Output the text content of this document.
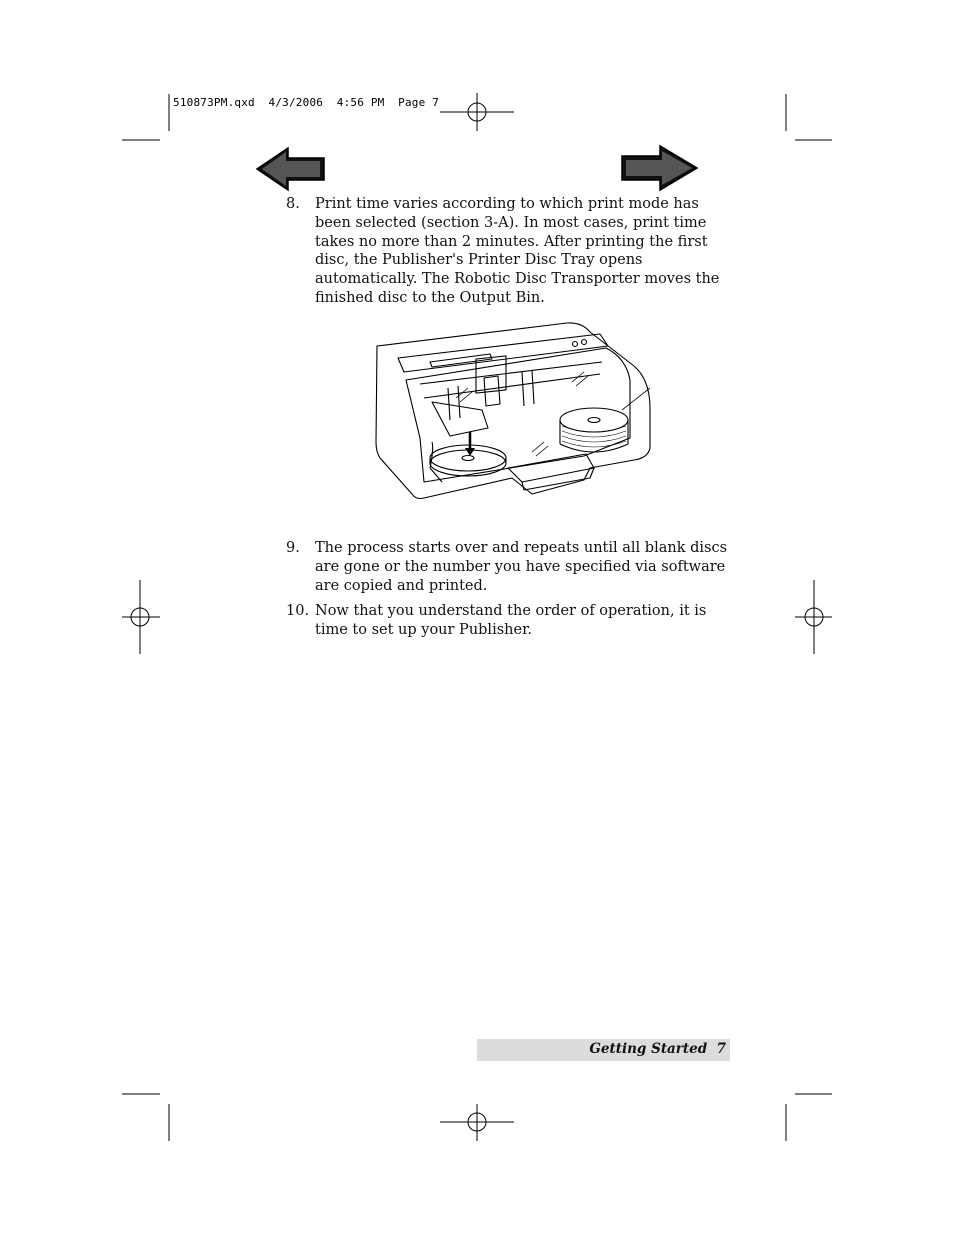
510873PM.qxd  4/3/2006  4:56 PM  Page 7
8.	Print time varies according to which print mode has been selected (section 3-A). In most cases, print time takes no more than 2 minutes. After printing the first disc, the Publisher's Printer Disc Tray opens automatically. The Robotic Disc Transporter moves the finished disc to the Output Bin.
9.	The process starts over and repeats until all blank discs are gone or the number you have specified via software are copied and printed.
10. Now that you understand the order of operation, it is time to set up your Publisher.
Getting Started 7
